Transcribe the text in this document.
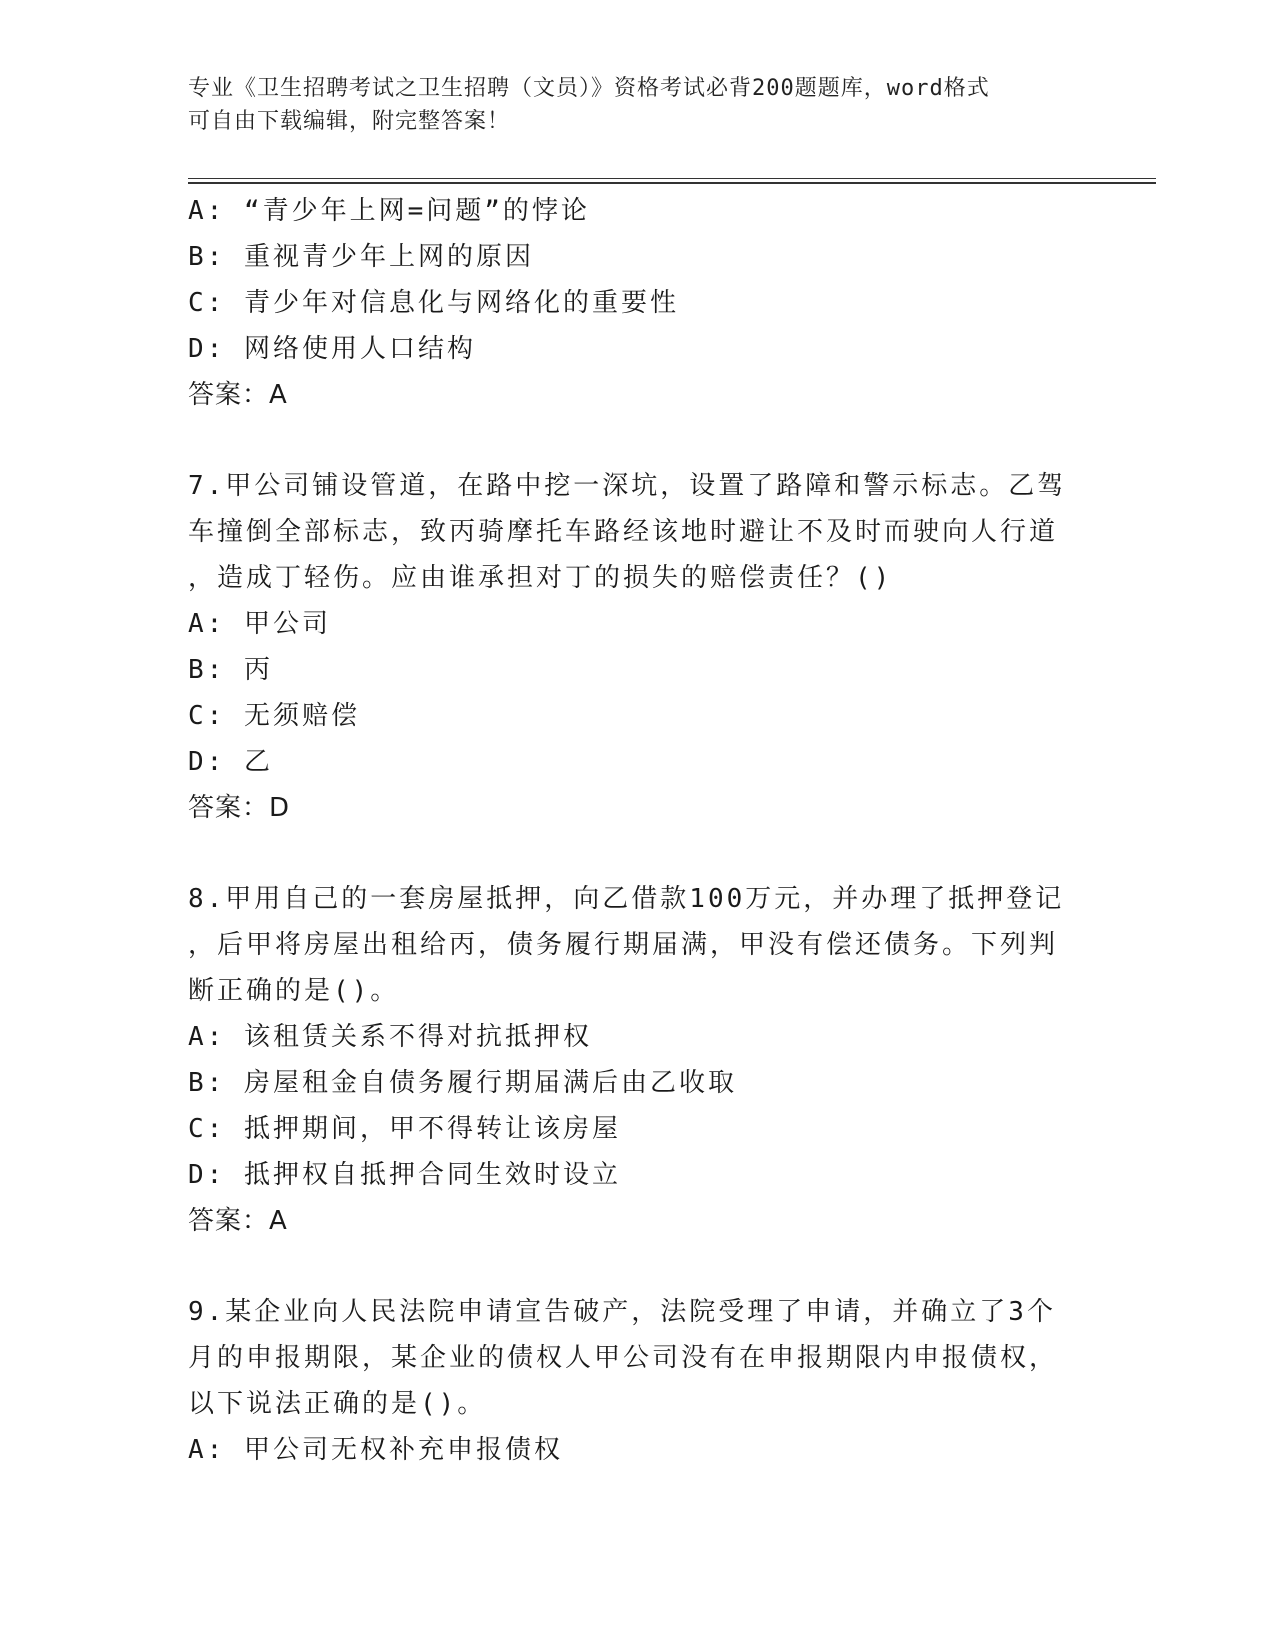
专业《卫生招聘考试之卫生招聘（文员）》资格考试必背200题题库，word格式
可自由下载编辑，附完整答案！
A: “青少年上网=问题”的悖论
B: 重视青少年上网的原因
C: 青少年对信息化与网络化的重要性
D: 网络使用人口结构
答案：A
7.甲公司铺设管道，在路中挖一深坑，设置了路障和警示标志。乙驾
车撞倒全部标志，致丙骑摩托车路经该地时避让不及时而驶向人行道
，造成丁轻伤。应由谁承担对丁的损失的赔偿责任？()
A: 甲公司
B: 丙
C: 无须赔偿
D: 乙
答案：D
8.甲用自己的一套房屋抵押，向乙借款100万元，并办理了抵押登记
，后甲将房屋出租给丙，债务履行期届满，甲没有偿还债务。下列判
断正确的是()。
A: 该租赁关系不得对抗抵押权
B: 房屋租金自债务履行期届满后由乙收取
C: 抵押期间，甲不得转让该房屋
D: 抵押权自抵押合同生效时设立
答案：A
9.某企业向人民法院申请宣告破产，法院受理了申请，并确立了3个
月的申报期限，某企业的债权人甲公司没有在申报期限内申报债权，
以下说法正确的是()。
A: 甲公司无权补充申报债权
